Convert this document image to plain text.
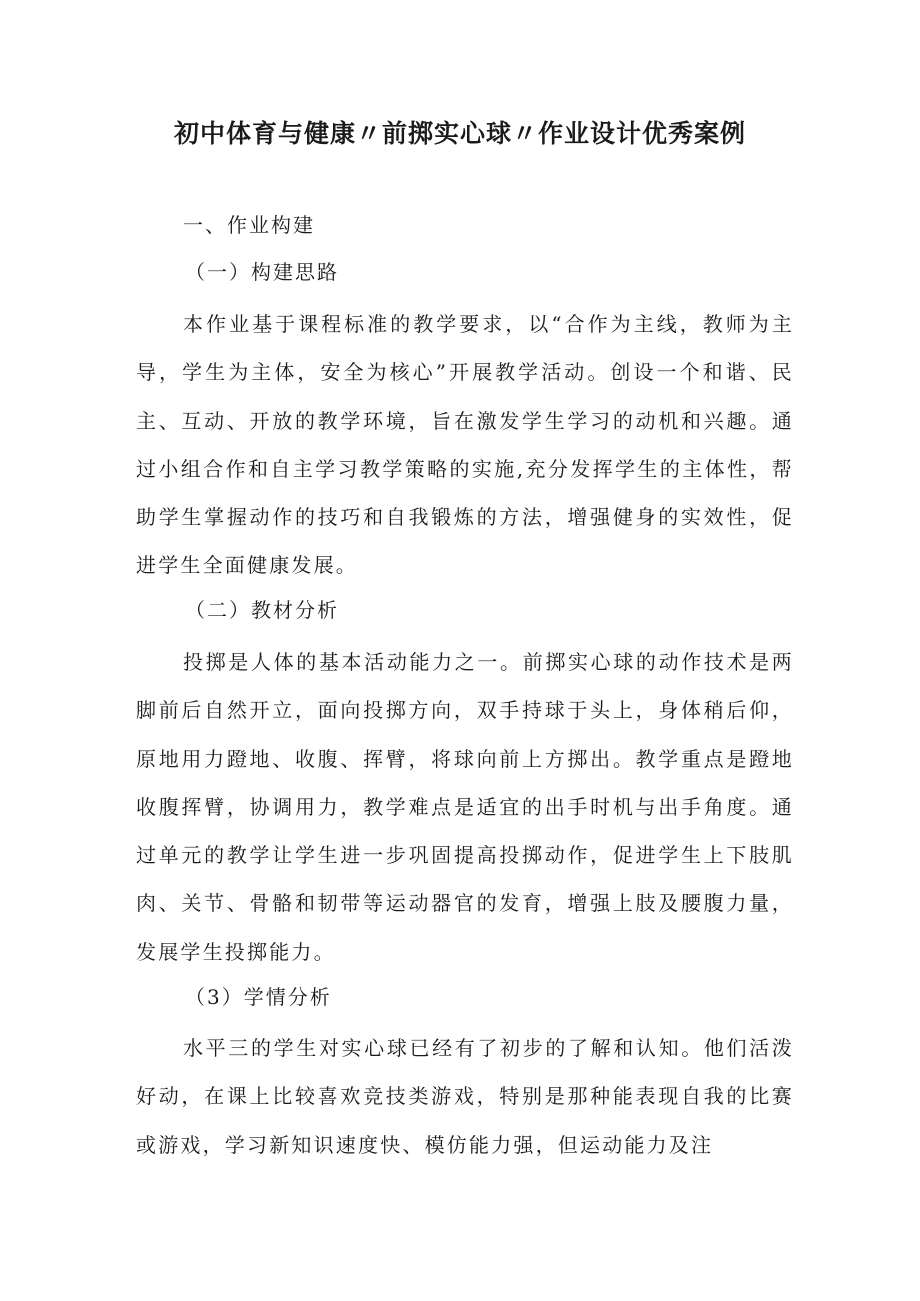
初中体育与健康〃前掷实心球〃作业设计优秀案例

一、作业构建

（一）构建思路

本作业基于课程标准的教学要求，以“合作为主线，教师为主导，学生为主体，安全为核心”开展教学活动。创设一个和谐、民主、互动、开放的教学环境，旨在激发学生学习的动机和兴趣。通过小组合作和自主学习教学策略的实施,充分发挥学生的主体性，帮助学生掌握动作的技巧和自我锻炼的方法，增强健身的实效性，促进学生全面健康发展。

（二）教材分析

投掷是人体的基本活动能力之一。前掷实心球的动作技术是两脚前后自然开立，面向投掷方向，双手持球于头上，身体稍后仰，原地用力蹬地、收腹、挥臂，将球向前上方掷出。教学重点是蹬地收腹挥臂，协调用力，教学难点是适宜的出手时机与出手角度。通过单元的教学让学生进一步巩固提高投掷动作，促进学生上下肢肌肉、关节、骨骼和韧带等运动器官的发育，增强上肢及腰腹力量，发展学生投掷能力。

（3）学情分析

水平三的学生对实心球已经有了初步的了解和认知。他们活泼好动，在课上比较喜欢竞技类游戏，特别是那种能表现自我的比赛或游戏，学习新知识速度快、模仿能力强，但运动能力及注
